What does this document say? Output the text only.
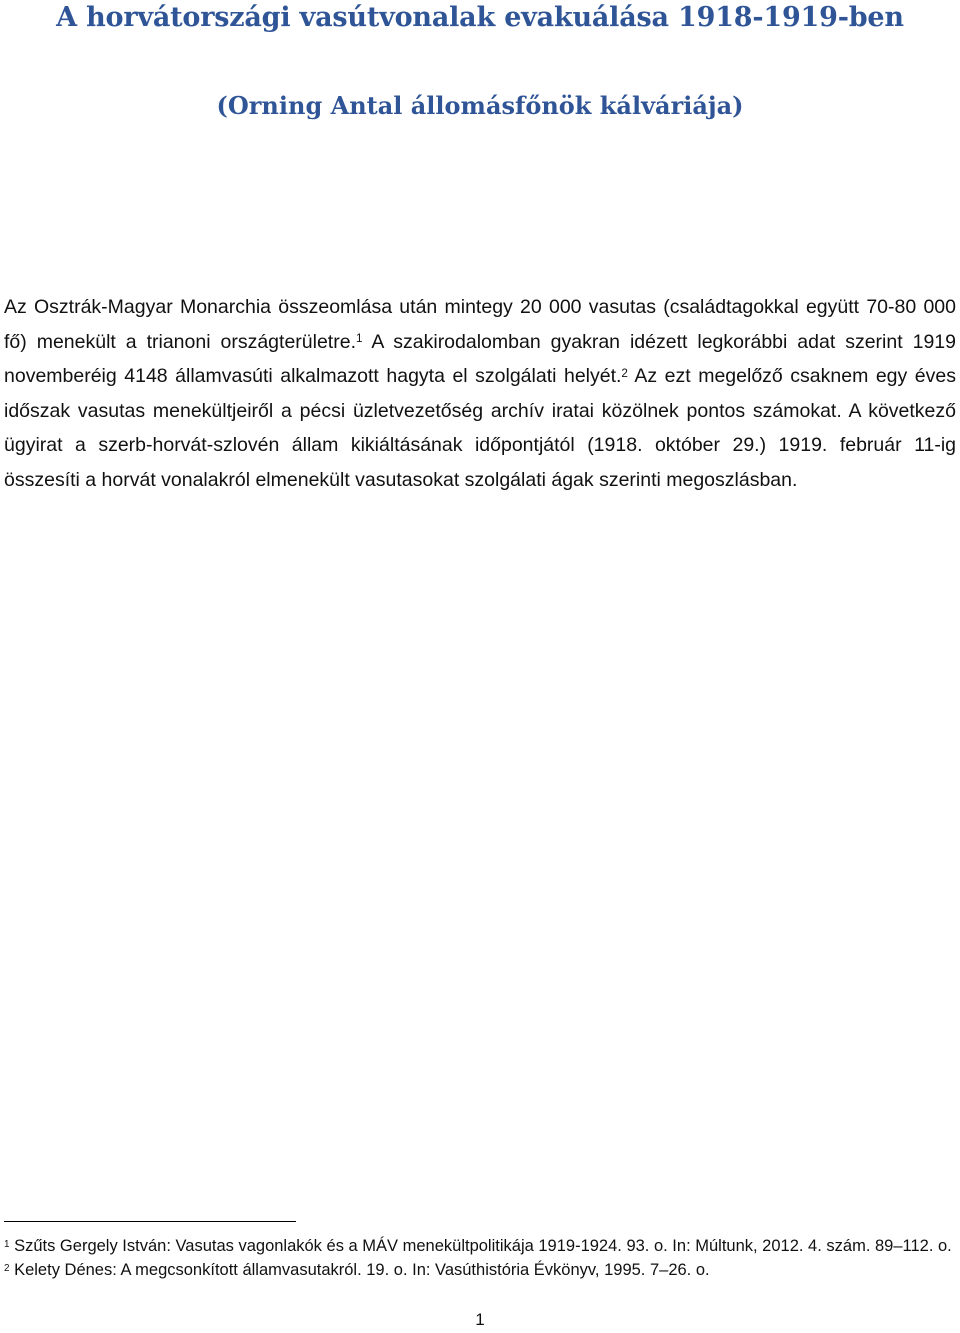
A horvátországi vasútvonalak evakuálása 1918-1919-ben
(Orning Antal állomásfőnök kálváriája)

Az Osztrák-Magyar Monarchia összeomlása után mintegy 20 000 vasutas (családtagokkal együtt 70-80 000 fő) menekült a trianoni országterületre.$^1$ A szakirodalomban gyakran idézett legkorábbi adat szerint 1919 novemberéig 4148 államvasúti alkalmazott hagyta el szolgálati helyét.$^2$ Az ezt megelőző csaknem egy éves időszak vasutas menekültjeiről a pécsi üzletvezetőség archív iratai közölnek pontos számokat. A következő ügyirat a szerb-horvát-szlovén állam kikiáltásának időpontjától (1918. október 29.) 1919. február 11-ig összesíti a horvát vonalakról elmenekült vasutasokat szolgálati ágak szerinti megoszlásban.

$^1$ Szűts Gergely István: Vasutas vagonlakók és a MÁV menekültpolitikája 1919-1924. 93. o. In: Múltunk, 2012. 4. szám. 89–112. o.

$^2$ Kelety Dénes: A megcsonkított államvasutakról. 19. o. In: Vasúthistória Évkönyv, 1995. 7–26. o.

1
